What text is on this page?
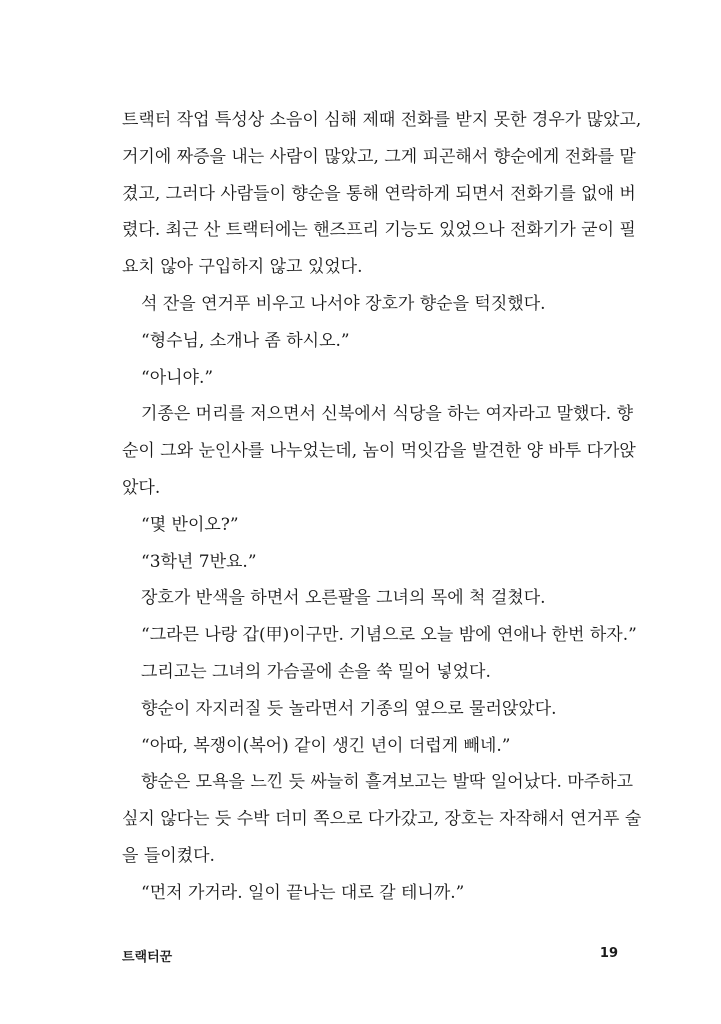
트랙터 작업 특성상 소음이 심해 제때 전화를 받지 못한 경우가 많았고,
거기에 짜증을 내는 사람이 많았고, 그게 피곤해서 향순에게 전화를 맡
겼고, 그러다 사람들이 향순을 통해 연락하게 되면서 전화기를 없애 버
렸다. 최근 산 트랙터에는 핸즈프리 기능도 있었으나 전화기가 굳이 필
요치 않아 구입하지 않고 있었다.
석 잔을 연거푸 비우고 나서야 장호가 향순을 턱짓했다.
“형수님, 소개나 좀 하시오.”
“아니야.”
기종은 머리를 저으면서 신북에서 식당을 하는 여자라고 말했다. 향
순이 그와 눈인사를 나누었는데, 놈이 먹잇감을 발견한 양 바투 다가앉
았다.
“몇 반이오?”
“3학년 7반요.”
장호가 반색을 하면서 오른팔을 그녀의 목에 척 걸쳤다.
“그라믄 나랑 갑(甲)이구만. 기념으로 오늘 밤에 연애나 한번 하자.”
그리고는 그녀의 가슴골에 손을 쑥 밀어 넣었다.
향순이 자지러질 듯 놀라면서 기종의 옆으로 물러앉았다.
“아따, 복쟁이(복어) 같이 생긴 년이 더럽게 빼네.”
향순은 모욕을 느낀 듯 싸늘히 흘겨보고는 발딱 일어났다. 마주하고
싶지 않다는 듯 수박 더미 쪽으로 다가갔고, 장호는 자작해서 연거푸 술
을 들이켰다.
“먼저 가거라. 일이 끝나는 대로 갈 테니까.”
트랙터꾼	19
